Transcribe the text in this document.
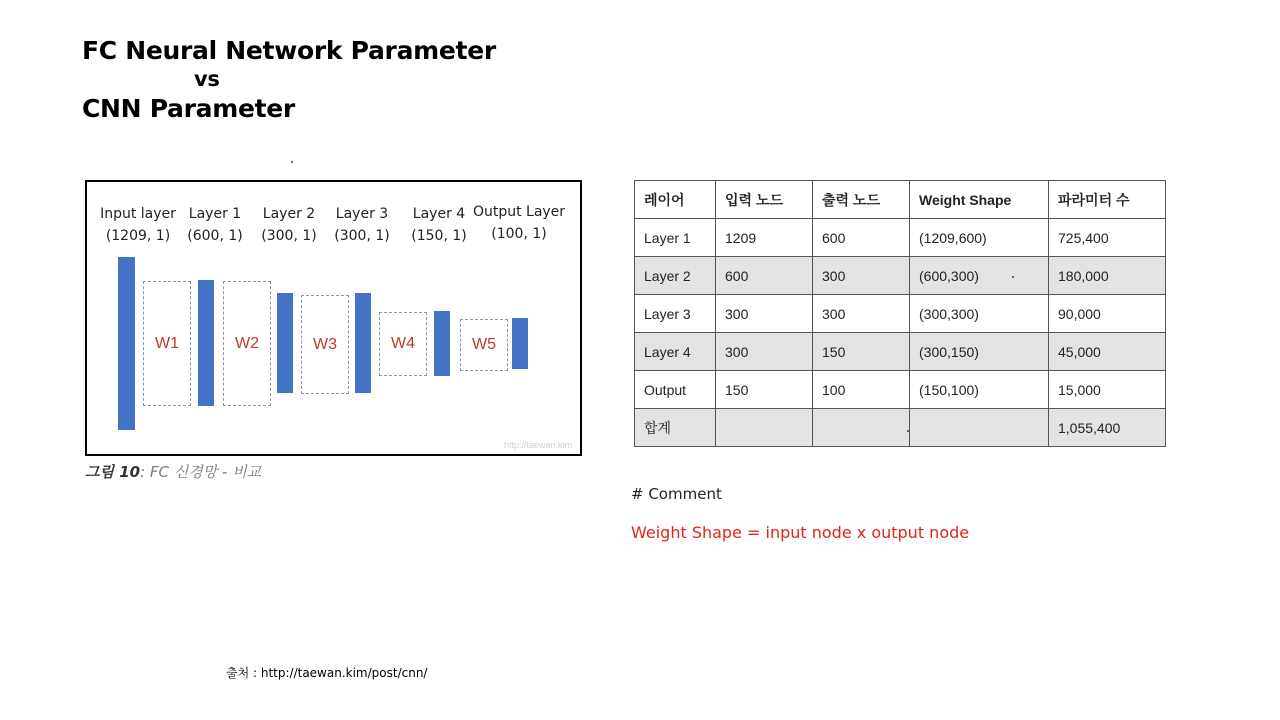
FC Neural Network Parameter
vs
CNN Parameter
Input layer
(1209, 1)
Layer 1
(600, 1)
Layer 2
(300, 1)
Layer 3
(300, 1)
Layer 4
(150, 1)
Output Layer
(100, 1)
W1	W2	W3	W4	W5
http://taewan.kim
그림 10: FC 신경망 - 비교
레이어	입력 노드	출력 노드	Weight Shape	파라미터 수
Layer 1	1209	600	(1209,600)	725,400
Layer 2	600	300	(600,300)	180,000
Layer 3	300	300	(300,300)	90,000
Layer 4	300	150	(300,150)	45,000
Output	150	100	(150,100)	15,000
합계				1,055,400
# Comment
Weight Shape = input node x output node
출처 : http://taewan.kim/post/cnn/
